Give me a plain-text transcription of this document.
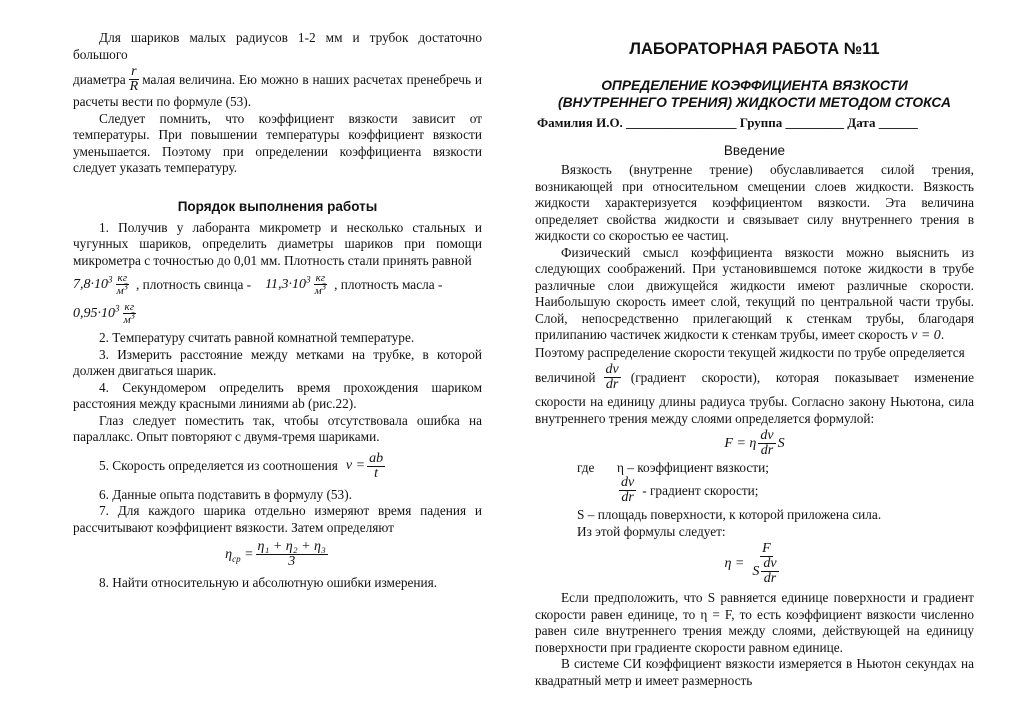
Для шариков малых радиусов 1-2 мм и трубок достаточно большого

диаметра $\frac{r}{R}$ малая величина. Ею можно в наших расчетах пренебречь и

расчеты вести по формуле (53).

Следует помнить, что коэффициент вязкости зависит от температуры. При повышении температуры коэффициент вязкости уменьшается. Поэтому при определении коэффициента вязкости следует указать температуру.

Порядок выполнения работы

1. Получив у лаборанта микрометр и несколько стальных и чугунных шариков, определить диаметры шариков при помощи микрометра с точностью до 0,01 мм. Плотность стали принять равной

$7,8\cdot 10^3 \frac{кг}{м^3}$ , плотность свинца - $11,3\cdot 10^3 \frac{кг}{м^3}$ , плотность масла -
$0,95\cdot 10^3 \frac{кг}{м^3}$

2. Температуру считать равной комнатной температуре.

3. Измерить расстояние между метками на трубке, в которой должен двигаться шарик.

4. Секундомером определить время прохождения шариком расстояния между красными линиями ab (рис.22).

Глаз следует поместить так, чтобы отсутствовала ошибка на параллакс. Опыт повторяют с двумя-тремя шариками.

5. Скорость определяется из соотношения $v = \frac{ab}{t}$

6. Данные опыта подставить в формулу (53).

7. Для каждого шарика отдельно измеряют время падения и рассчитывают коэффициент вязкости. Затем определяют

$\eta_{ср} = \frac{\text{η₁ + η₂ + η₃}}{3}$

8. Найти относительную и абсолютную ошибки измерения.

ЛАБОРАТОРНАЯ РАБОТА №11

ОПРЕДЕЛЕНИЕ КОЭФФИЦИЕНТА ВЯЗКОСТИ

(ВНУТРЕННЕГО ТРЕНИЯ) ЖИДКОСТИ МЕТОДОМ СТОКСА

Фамилия И.О. _________________ Группа _________ Дата ______

Введение

Вязкость (внутренне трение) обуславливается силой трения, возникающей при относительном смещении слоев жидкости. Вязкость жидкости характеризуется коэффициентом вязкости. Эта величина определяет свойства жидкости и связывает силу внутреннего трения в жидкости со скоростью ее частиц.

Физический смысл коэффициента вязкости можно выяснить из следующих соображений. При установившемся потоке жидкости в трубе различные слои движущейся жидкости имеют различные скорости. Наибольшую скорость имеет слой, текущий по центральной части трубы. Слой, непосредственно прилегающий к стенкам трубы, благодаря прилипанию частичек жидкости к стенкам трубы, имеет скорость v = 0.

Поэтому распределение скорости текущей жидкости по трубе определяется

величиной $\frac{dv}{dr}$ (градиент скорости), которая показывает изменение

скорости на единицу длины радиуса трубы. Согласно закону Ньютона, сила внутреннего трения между слоями определяется формулой:

F = η $\frac{dv}{dr}$ S
где	η – коэффициент вязкости;
$\frac{dv}{dr}$ - градиент скорости;

S – площадь поверхности, к которой приложена сила.

Из этой формулы следует:

$\eta = \frac{F}{S \frac{dv}{dr}}$

Если предположить, что S равняется единице поверхности и градиент скорости равен единице, то η = F, то есть коэффициент вязкости численно равен силе внутреннего трения между слоями, действующей на единицу поверхности при градиенте скорости равном единице.

В системе СИ коэффициент вязкости измеряется в Ньютон секундах на квадратный метр и имеет размерность
